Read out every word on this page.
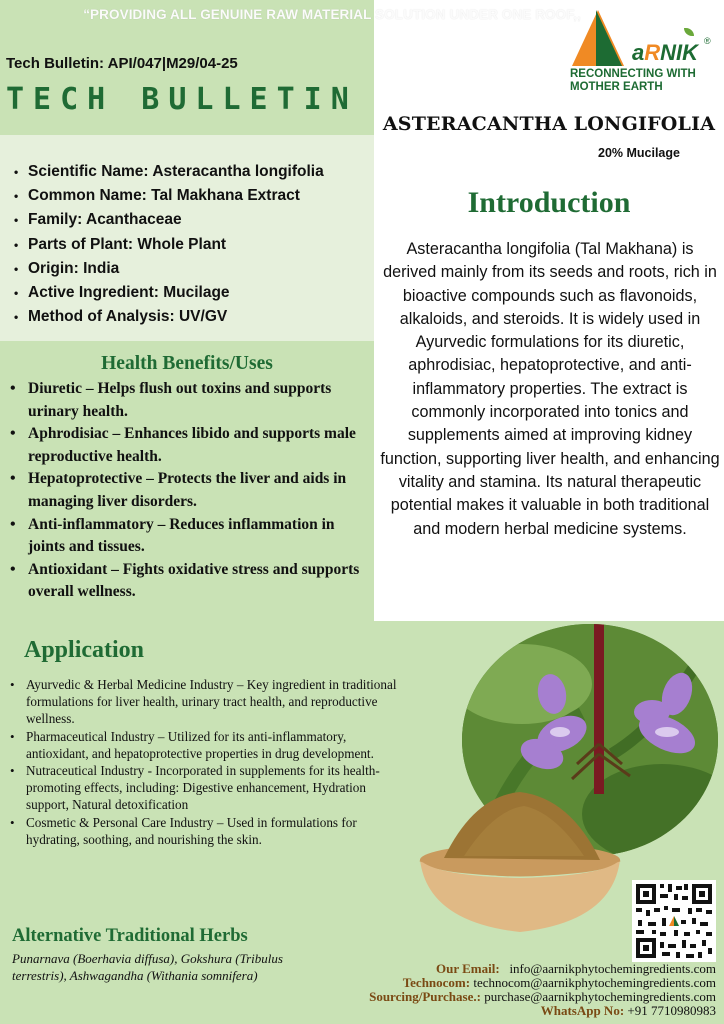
“PROVIDING ALL GENUINE RAW MATERIAL SOLUTION UNDER ONE ROOF,,
Tech Bulletin: API/047|M29/04-25
TECH BULLETIN
aRNIK ®
RECONNECTING WITH
MOTHER EARTH
ASTERACANTHA LONGIFOLIA
20% Mucilage
• Scientific Name: Asteracantha longifolia
• Common Name: Tal Makhana Extract
• Family: Acanthaceae
• Parts of Plant: Whole Plant
• Origin: India
• Active Ingredient: Mucilage
• Method of Analysis: UV/GV
Introduction

Asteracantha longifolia (Tal Makhana) is derived mainly from its seeds and roots, rich in bioactive compounds such as flavonoids, alkaloids, and steroids. It is widely used in Ayurvedic formulations for its diuretic, aphrodisiac, hepatoprotective, and anti-inflammatory properties. The extract is commonly incorporated into tonics and supplements aimed at improving kidney function, supporting liver health, and enhancing vitality and stamina. Its natural therapeutic potential makes it valuable in both traditional and modern herbal medicine systems.

Health Benefits/Uses
• Diuretic – Helps flush out toxins and supports urinary health.
• Aphrodisiac – Enhances libido and supports male reproductive health.
• Hepatoprotective – Protects the liver and aids in managing liver disorders.
• Anti-inflammatory – Reduces inflammation in joints and tissues.
• Antioxidant – Fights oxidative stress and supports overall wellness.
Application
• Ayurvedic & Herbal Medicine Industry – Key ingredient in traditional formulations for liver health, urinary tract health, and reproductive wellness.
• Pharmaceutical Industry – Utilized for its anti-inflammatory, antioxidant, and hepatoprotective properties in drug development.
• Nutraceutical Industry - Incorporated in supplements for its health-promoting effects, including: Digestive enhancement, Hydration support, Natural detoxification
• Cosmetic & Personal Care Industry – Used in formulations for hydrating, soothing, and nourishing the skin.
Alternative Traditional Herbs

Punarnava (Boerhavia diffusa), Gokshura (Tribulus terrestris), Ashwagandha (Withania somnifera)	Our Email: info@aarnikphytochemingredients.com
Technocom: technocom@aarnikphytochemingredients.com
Sourcing/Purchase.: purchase@aarnikphytochemingredients.com
WhatsApp No: +91 7710980983
